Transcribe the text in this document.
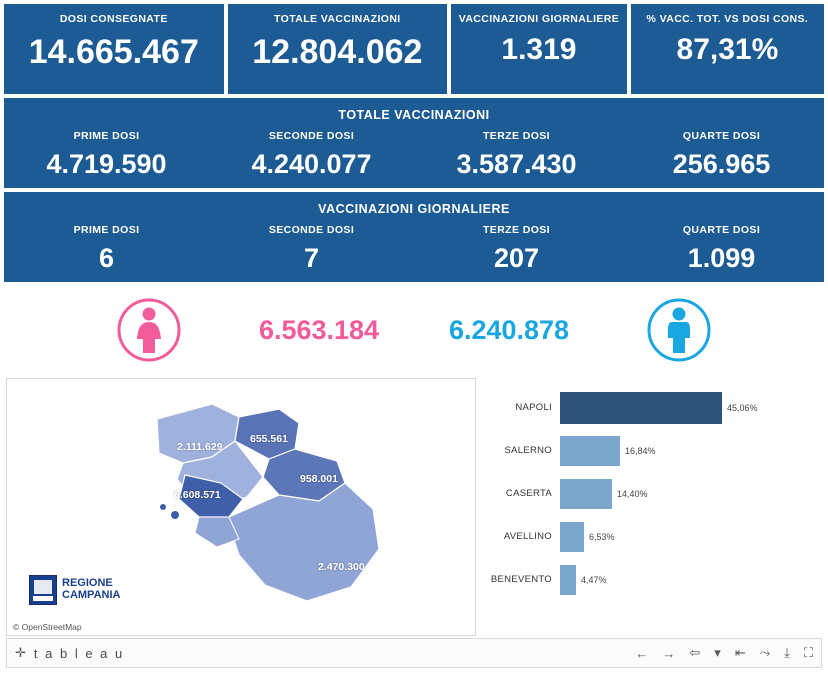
DOSI CONSEGNATE
14.665.467
TOTALE VACCINAZIONI
12.804.062
VACCINAZIONI GIORNALIERE
1.319
% VACC. TOT. VS DOSI CONS.
87,31%
TOTALE VACCINAZIONI
PRIME DOSI
4.719.590
SECONDE DOSI
4.240.077
TERZE DOSI
3.587.430
QUARTE DOSI
256.965
VACCINAZIONI GIORNALIERE
PRIME DOSI
6
SECONDE DOSI
7
TERZE DOSI
207
QUARTE DOSI
1.099
6.563.184	6.240.878
2.111.629
655.561
958.001
6.608.571
2.470.300
REGIONE
CAMPANIA
© OpenStreetMap
NAPOLI	45,06%
SALERNO	16,84%
CASERTA	14,40%
AVELLINO	6,53%
BENEVENTO	4,47%
✛ t a b l e a u	← → ⇦ ▾ ⇤ ⤳ ⤓ ⛶
